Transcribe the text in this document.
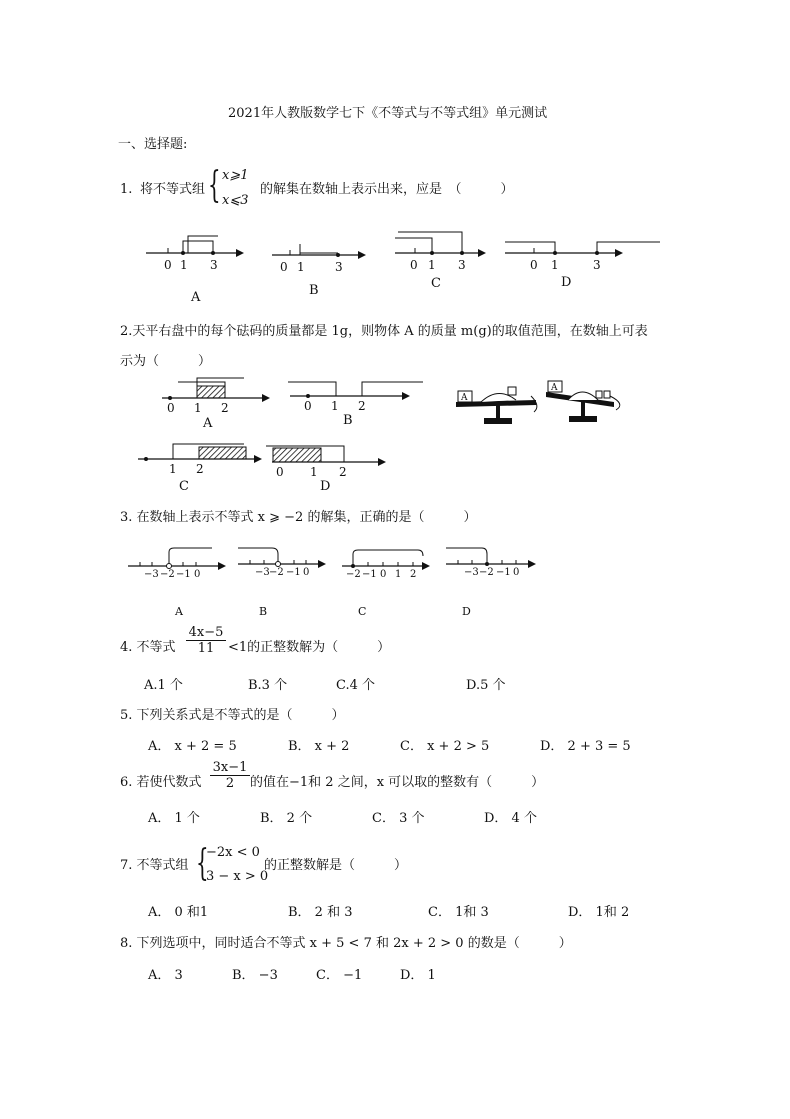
2021年人教版数学七下《不等式与不等式组》单元测试
一、选择题:
1. 将不等式组 { x⩾1
x⩽3
的解集在数轴上表示出来，应是　（　　　）
0 1 3
A
0 1	3
B
0 1 3
C
0 1	3
D
2.天平右盘中的每个砝码的质量都是 1g，则物体 A 的质量 m(g)的取值范围，在数轴上可表
示为（　　　）
0 1 2
A
0 1 2
B
A
A
1 2
C
0 1 2
D
3. 在数轴上表示不等式 x ⩾ −2 的解集，正确的是（　　　）
−3 −2 −1 0
A
−3 −2 −1 0
B
−2 −1 0 1 2
C
−3 −2 −1 0
D
4. 不等式 $\frac{4x-5}{11} <1$的正整数解为（　　　）
A.1 个	B.3 个	C.4 个	D.5 个
5. 下列关系式是不等式的是（　　　）
A． x + 2 = 5	B． x + 2	C． x + 2 > 5	D． 2 + 3 = 5
6. 若使代数式 $\frac{3x-1}{2}$ 的值在−1和 2 之间，x 可以取的整数有（　　　）
A． 1 个	B． 2 个	C． 3 个	D． 4 个
7. 不等式组 {
−2x < 0
3 − x > 0
的正整数解是（　　　）
A． 0 和1	B． 2 和 3	C． 1和 3	D． 1和 2
8. 下列选项中，同时适合不等式 x + 5 < 7 和 2x + 2 > 0 的数是（　　　）
A． 3	B． −3	C． −1	D． 1
